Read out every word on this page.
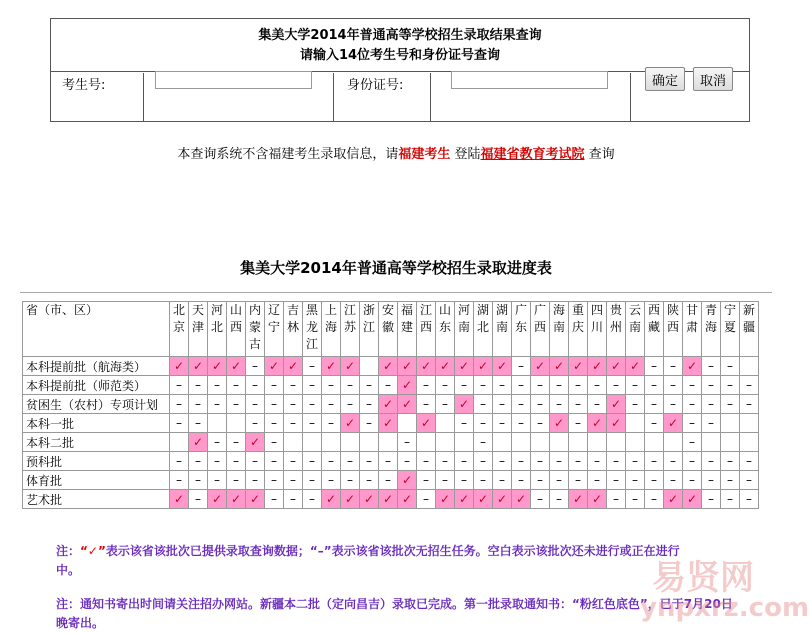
集美大学2014年普通高等学校招生录取结果查询
请输入14位考生号和身份证号查询
考生号:	身份证号:	确定	取消
本查询系统不含福建考生录取信息，请福建考生 登陆福建省教育考试院 查询
集美大学2014年普通高等学校招生录取进度表
省（市、区）	北京	天津	河北	山西	内蒙古	辽宁	吉林	黑龙江	上海	江苏	浙江	安徽	福建	江西	山东	河南	湖北	湖南	广东	广西	海南	重庆	四川	贵州	云南	西藏	陕西	甘肃	青海	宁夏	新疆
本科提前批（航海类）	✓	✓	✓	✓	–	✓	✓	–	✓	✓		✓	✓	✓	✓	✓	✓	✓	–	✓	✓	✓	✓	✓	✓	–	–	✓	–	–	
本科提前批（师范类）	–	–	–	–	–	–	–	–	–	–	–	–	✓	–	–	–	–	–	–	–	–	–	–	–	–	–	–	–	–	–	–
贫困生（农村）专项计划	–	–	–	–	–	–	–	–	–	–	–	✓	✓	–	–	✓	–	–	–	–	–	–	–	✓	–	–	–	–	–	–	–
本科一批	–	–			–	–	–	–	–	✓	–	✓		✓		–	–	–	–	–	✓	–	✓	✓		–	✓	–	–		
本科二批		✓	–	–	✓	–							–				–											–			
预科批	–	–	–	–	–	–	–	–	–	–	–	–	–	–	–	–	–	–	–	–	–	–	–	–	–	–	–	–	–	–	–
体育批	–	–	–	–	–	–	–	–	–	–	–	–	✓	–	–	–	–	–	–	–	–	–	–	–	–	–	–	–	–	–	–
艺术批	✓	–	✓	✓	✓	–	–	–	✓	✓	✓	✓	✓	–	✓	✓	✓	✓	✓	–	–	✓	✓	–	–	–	✓	✓	–	–	–
注：“✓”表示该省该批次已提供录取查询数据；“–”表示该省该批次无招生任务。空白表示该批次还未进行或正在进行中。
注：通知书寄出时间请关注招办网站。新疆本二批（定向昌吉）录取已完成。第一批录取通知书：“粉红色底色”，已于7月20日晚寄出。
易贤网
ynpxrz.com
